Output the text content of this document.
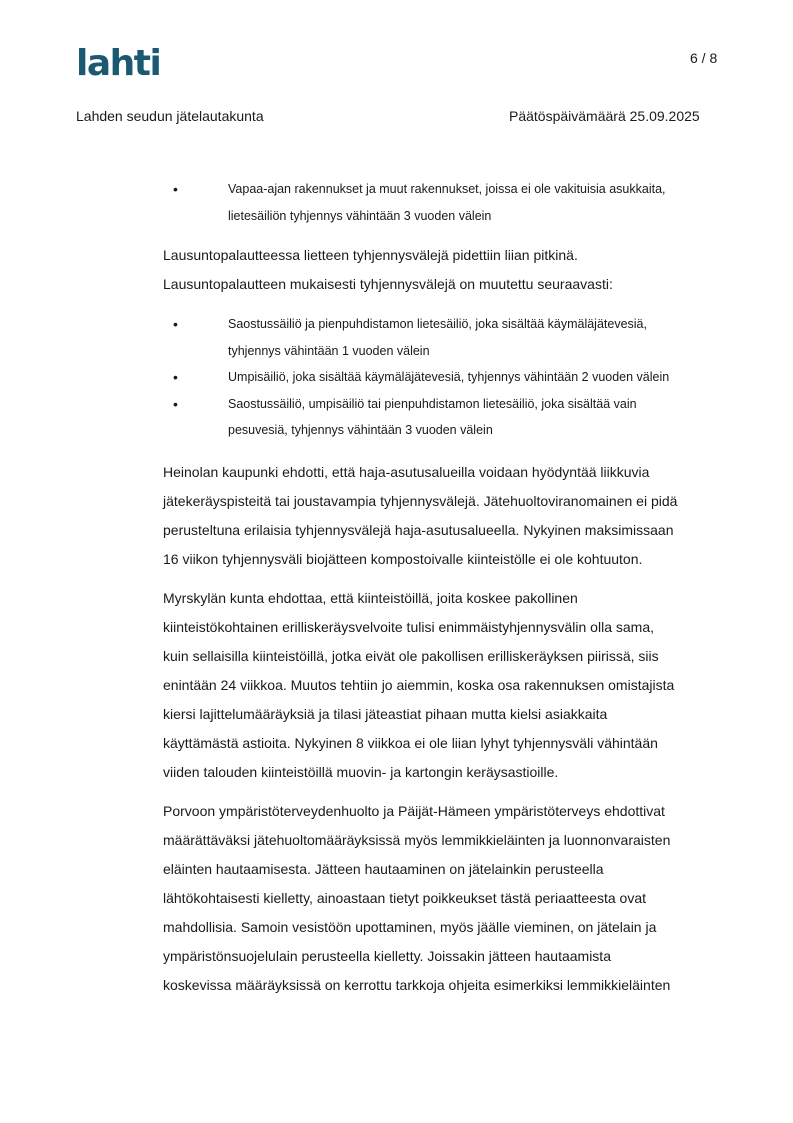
lahti	6 / 8
Lahden seudun jätelautakunta	Päätöspäivämäärä 25.09.2025
•	Vapaa-ajan rakennukset ja muut rakennukset, joissa ei ole vakituisia asukkaita,
lietesäiliön tyhjennys vähintään 3 vuoden välein

Lausuntopalautteessa lietteen tyhjennysvälejä pidettiin liian pitkinä.
Lausuntopalautteen mukaisesti tyhjennysvälejä on muutettu seuraavasti:

•	Saostussäiliö ja pienpuhdistamon lietesäiliö, joka sisältää käymäläjätevesiä,
tyhjennys vähintään 1 vuoden välein
•	Umpisäiliö, joka sisältää käymäläjätevesiä, tyhjennys vähintään 2 vuoden välein
•	Saostussäiliö, umpisäiliö tai pienpuhdistamon lietesäiliö, joka sisältää vain
pesuvesiä, tyhjennys vähintään 3 vuoden välein

Heinolan kaupunki ehdotti, että haja-asutusalueilla voidaan hyödyntää liikkuvia
jätekeräyspisteitä tai joustavampia tyhjennysvälejä. Jätehuoltoviranomainen ei pidä
perusteltuna erilaisia tyhjennysvälejä haja-asutusalueella. Nykyinen maksimissaan
16 viikon tyhjennysväli biojätteen kompostoivalle kiinteistölle ei ole kohtuuton.

Myrskylän kunta ehdottaa, että kiinteistöillä, joita koskee pakollinen
kiinteistökohtainen erilliskeräysvelvoite tulisi enimmäistyhjennysvälin olla sama,
kuin sellaisilla kiinteistöillä, jotka eivät ole pakollisen erilliskeräyksen piirissä, siis
enintään 24 viikkoa. Muutos tehtiin jo aiemmin, koska osa rakennuksen omistajista
kiersi lajittelumääräyksiä ja tilasi jäteastiat pihaan mutta kielsi asiakkaita
käyttämästä astioita. Nykyinen 8 viikkoa ei ole liian lyhyt tyhjennysväli vähintään
viiden talouden kiinteistöillä muovin- ja kartongin keräysastioille.

Porvoon ympäristöterveydenhuolto ja Päijät-Hämeen ympäristöterveys ehdottivat
määrättäväksi jätehuoltomääräyksissä myös lemmikkieläinten ja luonnonvaraisten
eläinten hautaamisesta. Jätteen hautaaminen on jätelainkin perusteella
lähtökohtaisesti kielletty, ainoastaan tietyt poikkeukset tästä periaatteesta ovat
mahdollisia. Samoin vesistöön upottaminen, myös jäälle vieminen, on jätelain ja
ympäristönsuojelulain perusteella kielletty. Joissakin jätteen hautaamista
koskevissa määräyksissä on kerrottu tarkkoja ohjeita esimerkiksi lemmikkieläinten
